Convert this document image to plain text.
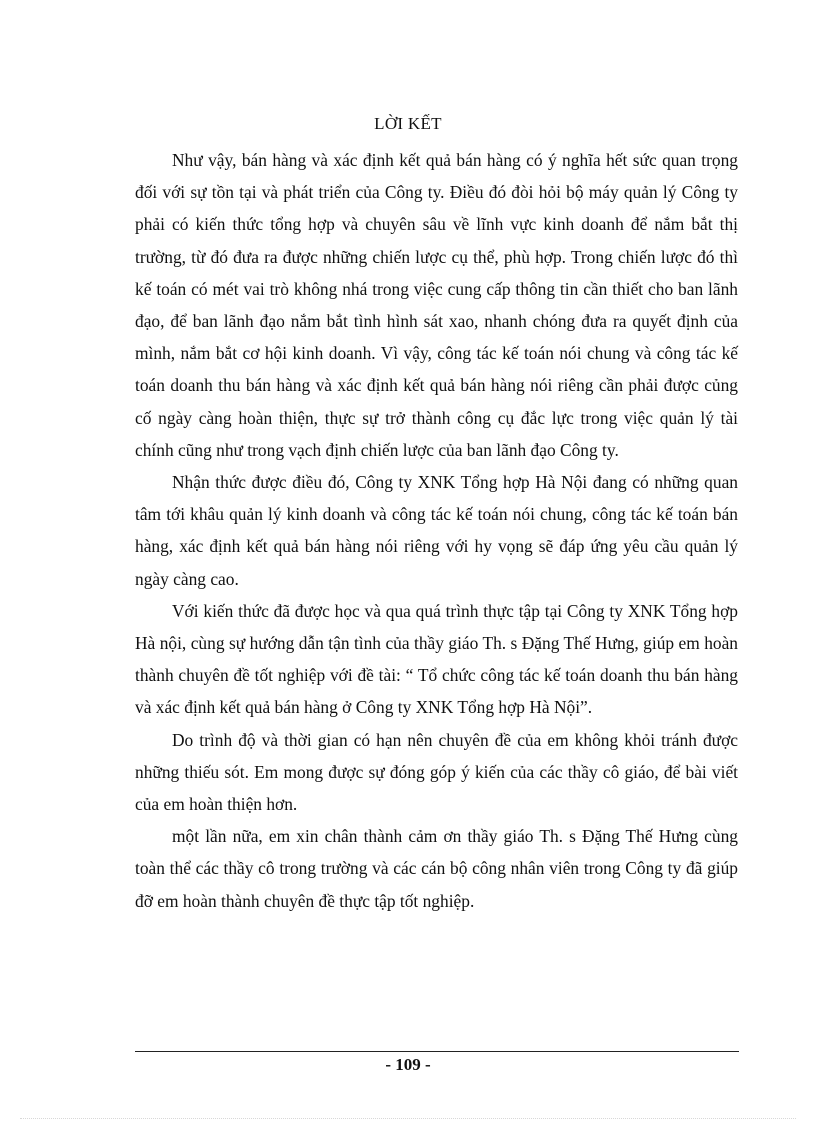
LỜI KẾT

Như vậy, bán hàng và xác định kết quả bán hàng có ý nghĩa hết sức quan trọng đối với sự tồn tại và phát triển của Công ty. Điều đó đòi hỏi bộ máy quản lý Công ty phải có kiến thức tổng hợp và chuyên sâu về lĩnh vực kinh doanh để nắm bắt thị trường, từ đó đưa ra được những chiến lược cụ thể, phù hợp. Trong chiến lược đó thì kế toán có mét vai trò không nhá trong việc cung cấp thông tin cần thiết cho ban lãnh đạo, để ban lãnh đạo nắm bắt tình hình sát xao, nhanh chóng đưa ra quyết định của mình, nắm bắt cơ hội kinh doanh. Vì vậy, công tác kế toán nói chung và công tác kế toán doanh thu bán hàng và xác định kết quả bán hàng nói riêng cần phải được củng cố ngày càng hoàn thiện, thực sự trở thành công cụ đắc lực trong việc quản lý tài chính cũng như trong vạch định chiến lược của ban lãnh đạo Công ty.

Nhận thức được điều đó, Công ty XNK Tổng hợp Hà Nội đang có những quan tâm tới khâu quản lý kinh doanh và công tác kế toán nói chung, công tác kế toán bán hàng, xác định kết quả bán hàng nói riêng với hy vọng sẽ đáp ứng yêu cầu quản lý ngày càng cao.

Với kiến thức đã được học và qua quá trình thực tập tại Công ty XNK Tổng hợp Hà nội, cùng sự hướng dẫn tận tình của thầy giáo Th. s Đặng Thế Hưng, giúp em hoàn thành chuyên đề tốt nghiệp với đề tài: “ Tổ chức công tác kế toán doanh thu bán hàng và xác định kết quả bán hàng ở Công ty XNK Tổng hợp Hà Nội”.

Do trình độ và thời gian có hạn nên chuyên đề của em không khỏi tránh được những thiếu sót. Em mong được sự đóng góp ý kiến của các thầy cô giáo, để bài viết của em hoàn thiện hơn.

một lần nữa, em xin chân thành cảm ơn thầy giáo Th. s Đặng Thế Hưng cùng toàn thể các thầy cô trong trường và các cán bộ công nhân viên trong Công ty đã giúp đỡ em hoàn thành chuyên đề thực tập tốt nghiệp.

- 109 -
